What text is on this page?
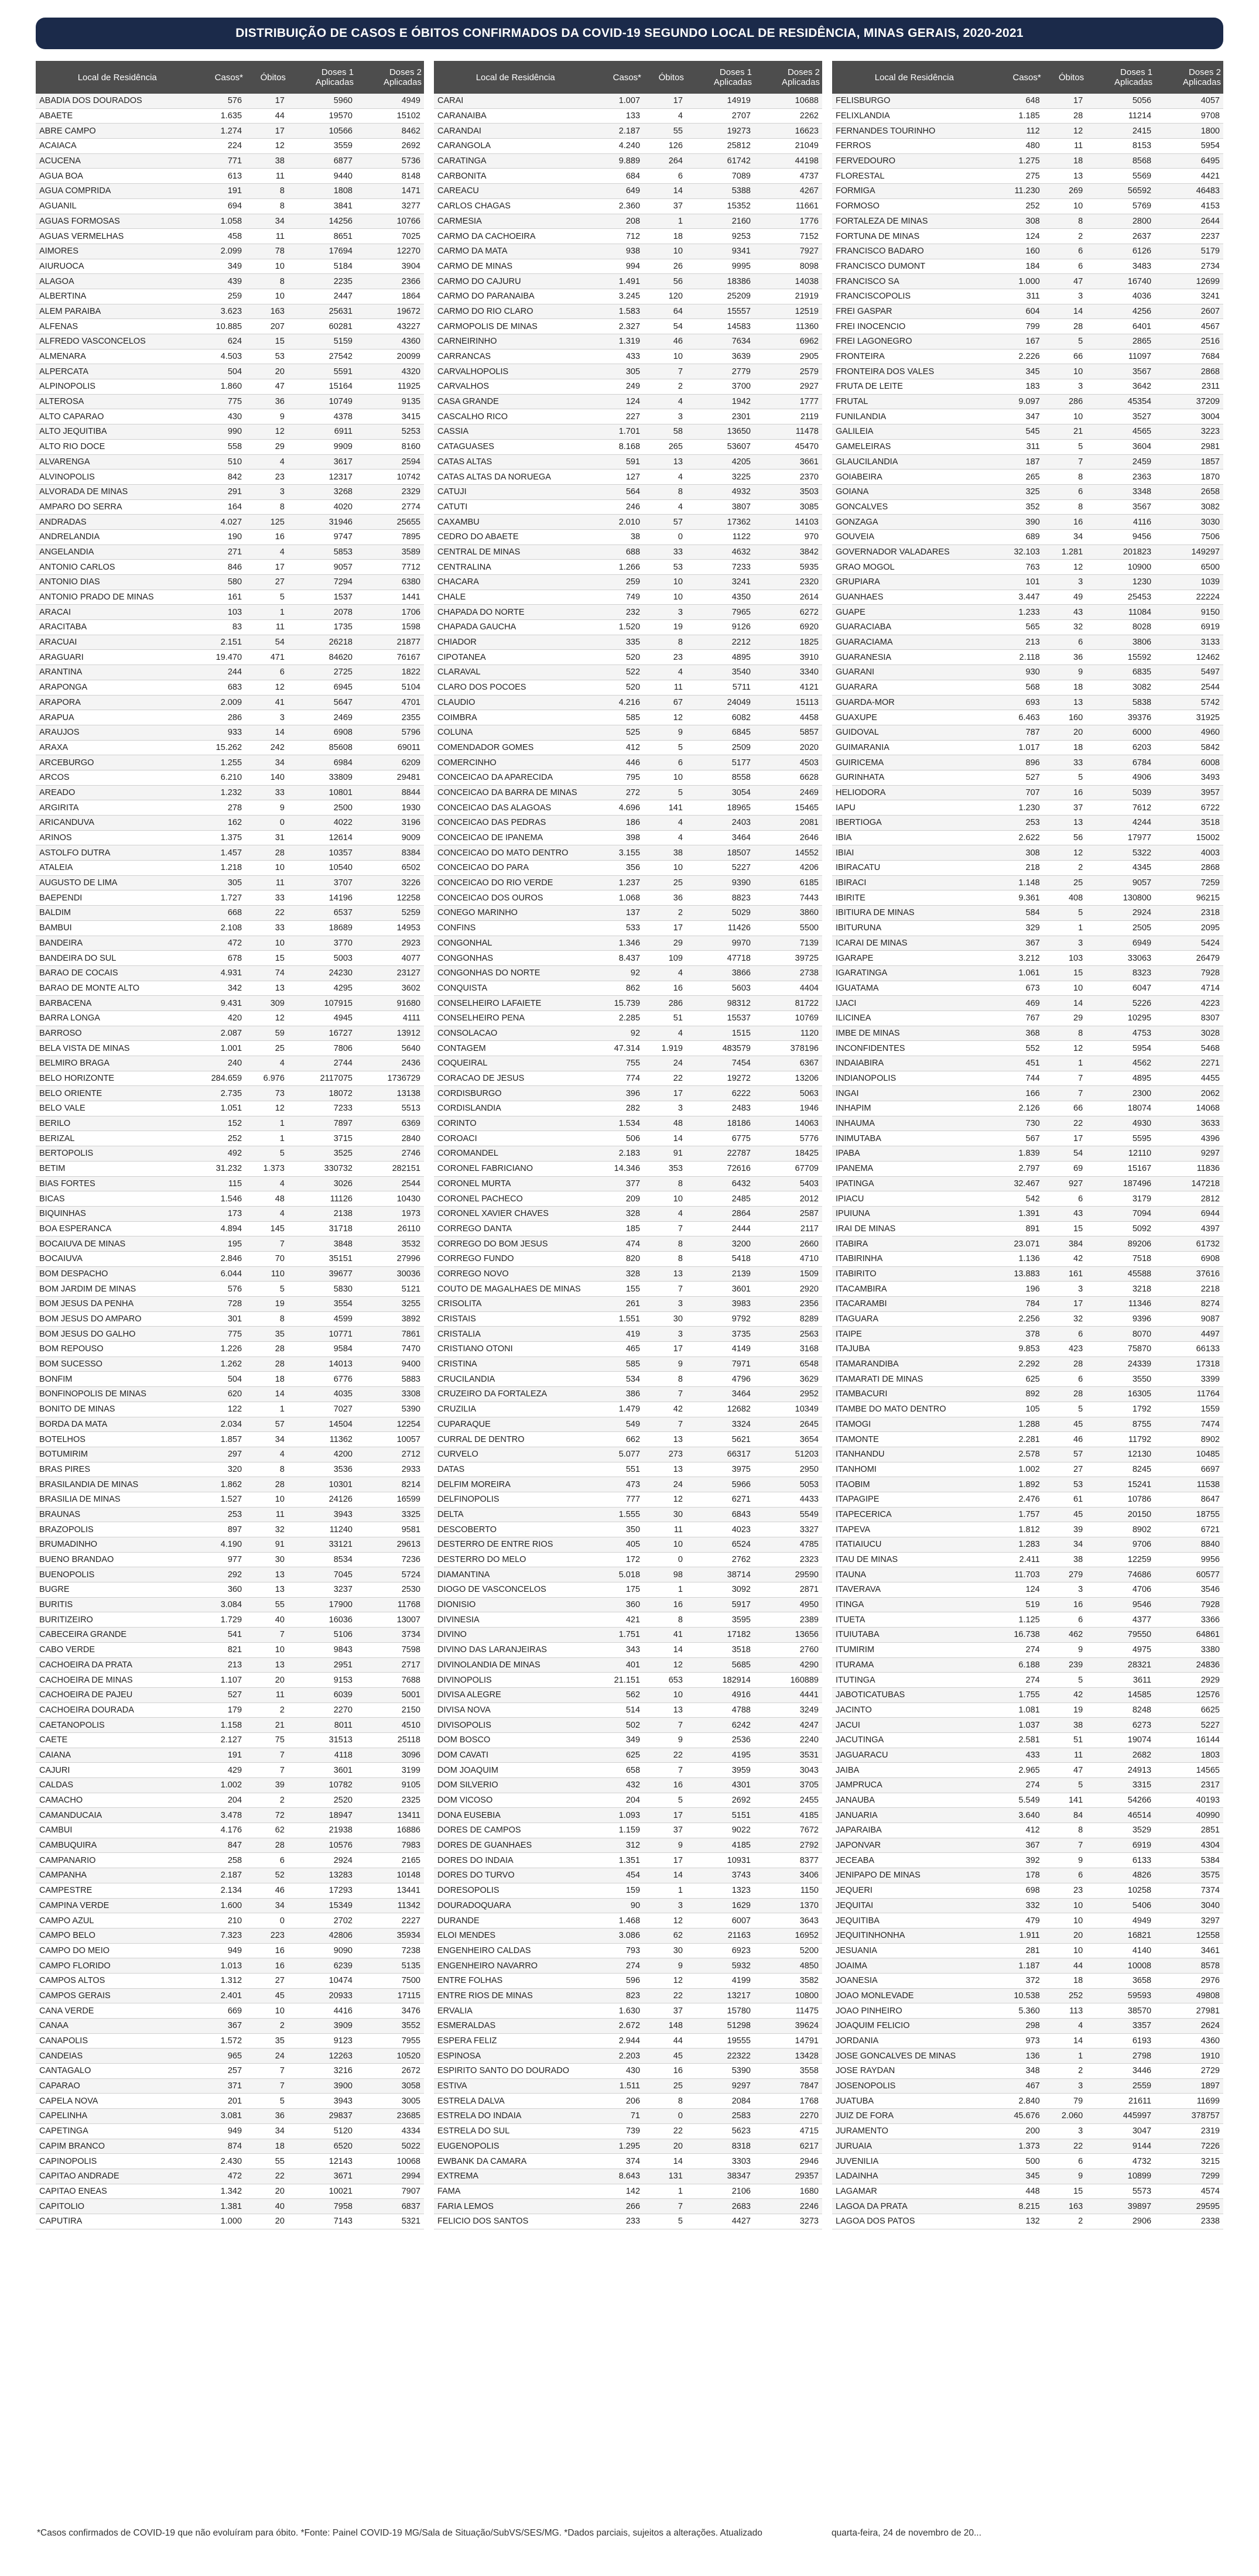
DISTRIBUIÇÃO DE CASOS E ÓBITOS CONFIRMADOS DA COVID-19 SEGUNDO LOCAL DE RESIDÊNCIA, MINAS GERAIS, 2020-2021
Local de Residência	Casos*	Óbitos	Doses 1
Aplicadas	Doses 2
Aplicadas
ABADIA DOS DOURADOS	576	17	5960	4949
ABAETE	1.635	44	19570	15102
ABRE CAMPO	1.274	17	10566	8462
ACAIACA	224	12	3559	2692
ACUCENA	771	38	6877	5736
AGUA BOA	613	11	9440	8148
AGUA COMPRIDA	191	8	1808	1471
AGUANIL	694	8	3841	3277
AGUAS FORMOSAS	1.058	34	14256	10766
AGUAS VERMELHAS	458	11	8651	7025
AIMORES	2.099	78	17694	12270
AIURUOCA	349	10	5184	3904
ALAGOA	439	8	2235	2366
ALBERTINA	259	10	2447	1864
ALEM PARAIBA	3.623	163	25631	19672
ALFENAS	10.885	207	60281	43227
ALFREDO VASCONCELOS	624	15	5159	4360
ALMENARA	4.503	53	27542	20099
ALPERCATA	504	20	5591	4320
ALPINOPOLIS	1.860	47	15164	11925
ALTEROSA	775	36	10749	9135
ALTO CAPARAO	430	9	4378	3415
ALTO JEQUITIBA	990	12	6911	5253
ALTO RIO DOCE	558	29	9909	8160
ALVARENGA	510	4	3617	2594
ALVINOPOLIS	842	23	12317	10742
ALVORADA DE MINAS	291	3	3268	2329
AMPARO DO SERRA	164	8	4020	2774
ANDRADAS	4.027	125	31946	25655
ANDRELANDIA	190	16	9747	7895
ANGELANDIA	271	4	5853	3589
ANTONIO CARLOS	846	17	9057	7712
ANTONIO DIAS	580	27	7294	6380
ANTONIO PRADO DE MINAS	161	5	1537	1441
ARACAI	103	1	2078	1706
ARACITABA	83	11	1735	1598
ARACUAI	2.151	54	26218	21877
ARAGUARI	19.470	471	84620	76167
ARANTINA	244	6	2725	1822
ARAPONGA	683	12	6945	5104
ARAPORA	2.009	41	5647	4701
ARAPUA	286	3	2469	2355
ARAUJOS	933	14	6908	5796
ARAXA	15.262	242	85608	69011
ARCEBURGO	1.255	34	6984	6209
ARCOS	6.210	140	33809	29481
AREADO	1.232	33	10801	8844
ARGIRITA	278	9	2500	1930
ARICANDUVA	162	0	4022	3196
ARINOS	1.375	31	12614	9009
ASTOLFO DUTRA	1.457	28	10357	8384
ATALEIA	1.218	10	10540	6502
AUGUSTO DE LIMA	305	11	3707	3226
BAEPENDI	1.727	33	14196	12258
BALDIM	668	22	6537	5259
BAMBUI	2.108	33	18689	14953
BANDEIRA	472	10	3770	2923
BANDEIRA DO SUL	678	15	5003	4077
BARAO DE COCAIS	4.931	74	24230	23127
BARAO DE MONTE ALTO	342	13	4295	3602
BARBACENA	9.431	309	107915	91680
BARRA LONGA	420	12	4945	4111
BARROSO	2.087	59	16727	13912
BELA VISTA DE MINAS	1.001	25	7806	5640
BELMIRO BRAGA	240	4	2744	2436
BELO HORIZONTE	284.659	6.976	2117075	1736729
BELO ORIENTE	2.735	73	18072	13138
BELO VALE	1.051	12	7233	5513
BERILO	152	1	7897	6369
BERIZAL	252	1	3715	2840
BERTOPOLIS	492	5	3525	2746
BETIM	31.232	1.373	330732	282151
BIAS FORTES	115	4	3026	2544
BICAS	1.546	48	11126	10430
BIQUINHAS	173	4	2138	1973
BOA ESPERANCA	4.894	145	31718	26110
BOCAIUVA DE MINAS	195	7	3848	3532
BOCAIUVA	2.846	70	35151	27996
BOM DESPACHO	6.044	110	39677	30036
BOM JARDIM DE MINAS	576	5	5830	5121
BOM JESUS DA PENHA	728	19	3554	3255
BOM JESUS DO AMPARO	301	8	4599	3892
BOM JESUS DO GALHO	775	35	10771	7861
BOM REPOUSO	1.226	28	9584	7470
BOM SUCESSO	1.262	28	14013	9400
BONFIM	504	18	6776	5883
BONFINOPOLIS DE MINAS	620	14	4035	3308
BONITO DE MINAS	122	1	7027	5390
BORDA DA MATA	2.034	57	14504	12254
BOTELHOS	1.857	34	11362	10057
BOTUMIRIM	297	4	4200	2712
BRAS PIRES	320	8	3536	2933
BRASILANDIA DE MINAS	1.862	28	10301	8214
BRASILIA DE MINAS	1.527	10	24126	16599
BRAUNAS	253	11	3943	3325
BRAZOPOLIS	897	32	11240	9581
BRUMADINHO	4.190	91	33121	29613
BUENO BRANDAO	977	30	8534	7236
BUENOPOLIS	292	13	7045	5724
BUGRE	360	13	3237	2530
BURITIS	3.084	55	17900	11768
BURITIZEIRO	1.729	40	16036	13007
CABECEIRA GRANDE	541	7	5106	3734
CABO VERDE	821	10	9843	7598
CACHOEIRA DA PRATA	213	13	2951	2717
CACHOEIRA DE MINAS	1.107	20	9153	7688
CACHOEIRA DE PAJEU	527	11	6039	5001
CACHOEIRA DOURADA	179	2	2270	2150
CAETANOPOLIS	1.158	21	8011	4510
CAETE	2.127	75	31513	25118
CAIANA	191	7	4118	3096
CAJURI	429	7	3601	3199
CALDAS	1.002	39	10782	9105
CAMACHO	204	2	2520	2325
CAMANDUCAIA	3.478	72	18947	13411
CAMBUI	4.176	62	21938	16886
CAMBUQUIRA	847	28	10576	7983
CAMPANARIO	258	6	2924	2165
CAMPANHA	2.187	52	13283	10148
CAMPESTRE	2.134	46	17293	13441
CAMPINA VERDE	1.600	34	15349	11342
CAMPO AZUL	210	0	2702	2227
CAMPO BELO	7.323	223	42806	35934
CAMPO DO MEIO	949	16	9090	7238
CAMPO FLORIDO	1.013	16	6239	5135
CAMPOS ALTOS	1.312	27	10474	7500
CAMPOS GERAIS	2.401	45	20933	17115
CANA VERDE	669	10	4416	3476
CANAA	367	2	3909	3552
CANAPOLIS	1.572	35	9123	7955
CANDEIAS	965	24	12263	10520
CANTAGALO	257	7	3216	2672
CAPARAO	371	7	3900	3058
CAPELA NOVA	201	5	3943	3005
CAPELINHA	3.081	36	29837	23685
CAPETINGA	949	34	5120	4334
CAPIM BRANCO	874	18	6520	5022
CAPINOPOLIS	2.430	55	12143	10068
CAPITAO ANDRADE	472	22	3671	2994
CAPITAO ENEAS	1.342	20	10021	7907
CAPITOLIO	1.381	40	7958	6837
CAPUTIRA	1.000	20	7143	5321
Local de Residência	Casos*	Óbitos	Doses 1
Aplicadas	Doses 2
Aplicadas
CARAI	1.007	17	14919	10688
CARANAIBA	133	4	2707	2262
CARANDAI	2.187	55	19273	16623
CARANGOLA	4.240	126	25812	21049
CARATINGA	9.889	264	61742	44198
CARBONITA	684	6	7089	4737
CAREACU	649	14	5388	4267
CARLOS CHAGAS	2.360	37	15352	11661
CARMESIA	208	1	2160	1776
CARMO DA CACHOEIRA	712	18	9253	7152
CARMO DA MATA	938	10	9341	7927
CARMO DE MINAS	994	26	9995	8098
CARMO DO CAJURU	1.491	56	18386	14038
CARMO DO PARANAIBA	3.245	120	25209	21919
CARMO DO RIO CLARO	1.583	64	15557	12519
CARMOPOLIS DE MINAS	2.327	54	14583	11360
CARNEIRINHO	1.319	46	7634	6962
CARRANCAS	433	10	3639	2905
CARVALHOPOLIS	305	7	2779	2579
CARVALHOS	249	2	3700	2927
CASA GRANDE	124	4	1942	1777
CASCALHO RICO	227	3	2301	2119
CASSIA	1.701	58	13650	11478
CATAGUASES	8.168	265	53607	45470
CATAS ALTAS	591	13	4205	3661
CATAS ALTAS DA NORUEGA	127	4	3225	2370
CATUJI	564	8	4932	3503
CATUTI	246	4	3807	3085
CAXAMBU	2.010	57	17362	14103
CEDRO DO ABAETE	38	0	1122	970
CENTRAL DE MINAS	688	33	4632	3842
CENTRALINA	1.266	53	7233	5935
CHACARA	259	10	3241	2320
CHALE	749	10	4350	2614
CHAPADA DO NORTE	232	3	7965	6272
CHAPADA GAUCHA	1.520	19	9126	6920
CHIADOR	335	8	2212	1825
CIPOTANEA	520	23	4895	3910
CLARAVAL	522	4	3540	3340
CLARO DOS POCOES	520	11	5711	4121
CLAUDIO	4.216	67	24049	15113
COIMBRA	585	12	6082	4458
COLUNA	525	9	6845	5857
COMENDADOR GOMES	412	5	2509	2020
COMERCINHO	446	6	5177	4503
CONCEICAO DA APARECIDA	795	10	8558	6628
CONCEICAO DA BARRA DE MINAS	272	5	3054	2469
CONCEICAO DAS ALAGOAS	4.696	141	18965	15465
CONCEICAO DAS PEDRAS	186	4	2403	2081
CONCEICAO DE IPANEMA	398	4	3464	2646
CONCEICAO DO MATO DENTRO	3.155	38	18507	14552
CONCEICAO DO PARA	356	10	5227	4206
CONCEICAO DO RIO VERDE	1.237	25	9390	6185
CONCEICAO DOS OUROS	1.068	36	8823	7443
CONEGO MARINHO	137	2	5029	3860
CONFINS	533	17	11426	5500
CONGONHAL	1.346	29	9970	7139
CONGONHAS	8.437	109	47718	39725
CONGONHAS DO NORTE	92	4	3866	2738
CONQUISTA	862	16	5603	4404
CONSELHEIRO LAFAIETE	15.739	286	98312	81722
CONSELHEIRO PENA	2.285	51	15537	10769
CONSOLACAO	92	4	1515	1120
CONTAGEM	47.314	1.919	483579	378196
COQUEIRAL	755	24	7454	6367
CORACAO DE JESUS	774	22	19272	13206
CORDISBURGO	396	17	6222	5063
CORDISLANDIA	282	3	2483	1946
CORINTO	1.534	48	18186	14063
COROACI	506	14	6775	5776
COROMANDEL	2.183	91	22787	18425
CORONEL FABRICIANO	14.346	353	72616	67709
CORONEL MURTA	377	8	6432	5403
CORONEL PACHECO	209	10	2485	2012
CORONEL XAVIER CHAVES	328	4	2864	2587
CORREGO DANTA	185	7	2444	2117
CORREGO DO BOM JESUS	474	8	3200	2660
CORREGO FUNDO	820	8	5418	4710
CORREGO NOVO	328	13	2139	1509
COUTO DE MAGALHAES DE MINAS	155	7	3601	2920
CRISOLITA	261	3	3983	2356
CRISTAIS	1.551	30	9792	8289
CRISTALIA	419	3	3735	2563
CRISTIANO OTONI	465	17	4149	3168
CRISTINA	585	9	7971	6548
CRUCILANDIA	534	8	4796	3629
CRUZEIRO DA FORTALEZA	386	7	3464	2952
CRUZILIA	1.479	42	12682	10349
CUPARAQUE	549	7	3324	2645
CURRAL DE DENTRO	662	13	5621	3654
CURVELO	5.077	273	66317	51203
DATAS	551	13	3975	2950
DELFIM MOREIRA	473	24	5966	5053
DELFINOPOLIS	777	12	6271	4433
DELTA	1.555	30	6843	5549
DESCOBERTO	350	11	4023	3327
DESTERRO DE ENTRE RIOS	405	10	6524	4785
DESTERRO DO MELO	172	0	2762	2323
DIAMANTINA	5.018	98	38714	29590
DIOGO DE VASCONCELOS	175	1	3092	2871
DIONISIO	360	16	5917	4950
DIVINESIA	421	8	3595	2389
DIVINO	1.751	41	17182	13656
DIVINO DAS LARANJEIRAS	343	14	3518	2760
DIVINOLANDIA DE MINAS	401	12	5685	4290
DIVINOPOLIS	21.151	653	182914	160889
DIVISA ALEGRE	562	10	4916	4441
DIVISA NOVA	514	13	4788	3249
DIVISOPOLIS	502	7	6242	4247
DOM BOSCO	349	9	2536	2240
DOM CAVATI	625	22	4195	3531
DOM JOAQUIM	658	7	3959	3043
DOM SILVERIO	432	16	4301	3705
DOM VICOSO	204	5	2692	2455
DONA EUSEBIA	1.093	17	5151	4185
DORES DE CAMPOS	1.159	37	9022	7672
DORES DE GUANHAES	312	9	4185	2792
DORES DO INDAIA	1.351	17	10931	8377
DORES DO TURVO	454	14	3743	3406
DORESOPOLIS	159	1	1323	1150
DOURADOQUARA	90	3	1629	1370
DURANDE	1.468	12	6007	3643
ELOI MENDES	3.086	62	21163	16952
ENGENHEIRO CALDAS	793	30	6923	5200
ENGENHEIRO NAVARRO	274	9	5932	4850
ENTRE FOLHAS	596	12	4199	3582
ENTRE RIOS DE MINAS	823	22	13217	10800
ERVALIA	1.630	37	15780	11475
ESMERALDAS	2.672	148	51298	39624
ESPERA FELIZ	2.944	44	19555	14791
ESPINOSA	2.203	45	22322	13428
ESPIRITO SANTO DO DOURADO	430	16	5390	3558
ESTIVA	1.511	25	9297	7847
ESTRELA DALVA	206	8	2084	1768
ESTRELA DO INDAIA	71	0	2583	2270
ESTRELA DO SUL	739	22	5623	4715
EUGENOPOLIS	1.295	20	8318	6217
EWBANK DA CAMARA	374	14	3303	2946
EXTREMA	8.643	131	38347	29357
FAMA	142	1	2106	1680
FARIA LEMOS	266	7	2683	2246
FELICIO DOS SANTOS	233	5	4427	3273
Local de Residência	Casos*	Óbitos	Doses 1
Aplicadas	Doses 2
Aplicadas
FELISBURGO	648	17	5056	4057
FELIXLANDIA	1.185	28	11214	9708
FERNANDES TOURINHO	112	12	2415	1800
FERROS	480	11	8153	5954
FERVEDOURO	1.275	18	8568	6495
FLORESTAL	275	13	5569	4421
FORMIGA	11.230	269	56592	46483
FORMOSO	252	10	5769	4153
FORTALEZA DE MINAS	308	8	2800	2644
FORTUNA DE MINAS	124	2	2637	2237
FRANCISCO BADARO	160	6	6126	5179
FRANCISCO DUMONT	184	6	3483	2734
FRANCISCO SA	1.000	47	16740	12699
FRANCISCOPOLIS	311	3	4036	3241
FREI GASPAR	604	14	4256	2607
FREI INOCENCIO	799	28	6401	4567
FREI LAGONEGRO	167	5	2865	2516
FRONTEIRA	2.226	66	11097	7684
FRONTEIRA DOS VALES	345	10	3567	2868
FRUTA DE LEITE	183	3	3642	2311
FRUTAL	9.097	286	45354	37209
FUNILANDIA	347	10	3527	3004
GALILEIA	545	21	4565	3223
GAMELEIRAS	311	5	3604	2981
GLAUCILANDIA	187	7	2459	1857
GOIABEIRA	265	8	2363	1870
GOIANA	325	6	3348	2658
GONCALVES	352	8	3567	3082
GONZAGA	390	16	4116	3030
GOUVEIA	689	34	9456	7506
GOVERNADOR VALADARES	32.103	1.281	201823	149297
GRAO MOGOL	763	12	10900	6500
GRUPIARA	101	3	1230	1039
GUANHAES	3.447	49	25453	22224
GUAPE	1.233	43	11084	9150
GUARACIABA	565	32	8028	6919
GUARACIAMA	213	6	3806	3133
GUARANESIA	2.118	36	15592	12462
GUARANI	930	9	6835	5497
GUARARA	568	18	3082	2544
GUARDA-MOR	693	13	5838	5742
GUAXUPE	6.463	160	39376	31925
GUIDOVAL	787	20	6000	4960
GUIMARANIA	1.017	18	6203	5842
GUIRICEMA	896	33	6784	6008
GURINHATA	527	5	4906	3493
HELIODORA	707	16	5039	3957
IAPU	1.230	37	7612	6722
IBERTIOGA	253	13	4244	3518
IBIA	2.622	56	17977	15002
IBIAI	308	12	5322	4003
IBIRACATU	218	2	4345	2868
IBIRACI	1.148	25	9057	7259
IBIRITE	9.361	408	130800	96215
IBITIURA DE MINAS	584	5	2924	2318
IBITURUNA	329	1	2505	2095
ICARAI DE MINAS	367	3	6949	5424
IGARAPE	3.212	103	33063	26479
IGARATINGA	1.061	15	8323	7928
IGUATAMA	673	10	6047	4714
IJACI	469	14	5226	4223
ILICINEA	767	29	10295	8307
IMBE DE MINAS	368	8	4753	3028
INCONFIDENTES	552	12	5954	5468
INDAIABIRA	451	1	4562	2271
INDIANOPOLIS	744	7	4895	4455
INGAI	166	7	2300	2062
INHAPIM	2.126	66	18074	14068
INHAUMA	730	22	4930	3633
INIMUTABA	567	17	5595	4396
IPABA	1.839	54	12110	9297
IPANEMA	2.797	69	15167	11836
IPATINGA	32.467	927	187496	147218
IPIACU	542	6	3179	2812
IPUIUNA	1.391	43	7094	6944
IRAI DE MINAS	891	15	5092	4397
ITABIRA	23.071	384	89206	61732
ITABIRINHA	1.136	42	7518	6908
ITABIRITO	13.883	161	45588	37616
ITACAMBIRA	196	3	3218	2218
ITACARAMBI	784	17	11346	8274
ITAGUARA	2.256	32	9396	9087
ITAIPE	378	6	8070	4497
ITAJUBA	9.853	423	75870	66133
ITAMARANDIBA	2.292	28	24339	17318
ITAMARATI DE MINAS	625	6	3550	3399
ITAMBACURI	892	28	16305	11764
ITAMBE DO MATO DENTRO	105	5	1792	1559
ITAMOGI	1.288	45	8755	7474
ITAMONTE	2.281	46	11792	8902
ITANHANDU	2.578	57	12130	10485
ITANHOMI	1.002	27	8245	6697
ITAOBIM	1.892	53	15241	11538
ITAPAGIPE	2.476	61	10786	8647
ITAPECERICA	1.757	45	20150	18755
ITAPEVA	1.812	39	8902	6721
ITATIAIUCU	1.283	34	9706	8840
ITAU DE MINAS	2.411	38	12259	9956
ITAUNA	11.703	279	74686	60577
ITAVERAVA	124	3	4706	3546
ITINGA	519	16	9546	7928
ITUETA	1.125	6	4377	3366
ITUIUTABA	16.738	462	79550	64861
ITUMIRIM	274	9	4975	3380
ITURAMA	6.188	239	28321	24836
ITUTINGA	274	5	3611	2929
JABOTICATUBAS	1.755	42	14585	12576
JACINTO	1.081	19	8248	6625
JACUI	1.037	38	6273	5227
JACUTINGA	2.581	51	19074	16144
JAGUARACU	433	11	2682	1803
JAIBA	2.965	47	24913	14565
JAMPRUCA	274	5	3315	2317
JANAUBA	5.549	141	54266	40193
JANUARIA	3.640	84	46514	40990
JAPARAIBA	412	8	3529	2851
JAPONVAR	367	7	6919	4304
JECEABA	392	9	6133	5384
JENIPAPO DE MINAS	178	6	4826	3575
JEQUERI	698	23	10258	7374
JEQUITAI	332	10	5406	3040
JEQUITIBA	479	10	4949	3297
JEQUITINHONHA	1.911	20	16821	12558
JESUANIA	281	10	4140	3461
JOAIMA	1.187	44	10008	8578
JOANESIA	372	18	3658	2976
JOAO MONLEVADE	10.538	252	59593	49808
JOAO PINHEIRO	5.360	113	38570	27981
JOAQUIM FELICIO	298	4	3357	2624
JORDANIA	973	14	6193	4360
JOSE GONCALVES DE MINAS	136	1	2798	1910
JOSE RAYDAN	348	2	3446	2729
JOSENOPOLIS	467	3	2559	1897
JUATUBA	2.840	79	21611	11699
JUIZ DE FORA	45.676	2.060	445997	378757
JURAMENTO	200	3	3047	2319
JURUAIA	1.373	22	9144	7226
JUVENILIA	500	6	4732	3215
LADAINHA	345	9	10899	7299
LAGAMAR	448	15	5573	4574
LAGOA DA PRATA	8.215	163	39897	29595
LAGOA DOS PATOS	132	2	2906	2338
*Casos confirmados de COVID-19 que não evoluíram para óbito. *Fonte: Painel COVID-19 MG/Sala de Situação/SubVS/SES/MG. *Dados parciais, sujeitos a alterações. Atualizado	quarta-feira, 24 de novembro de 20...
